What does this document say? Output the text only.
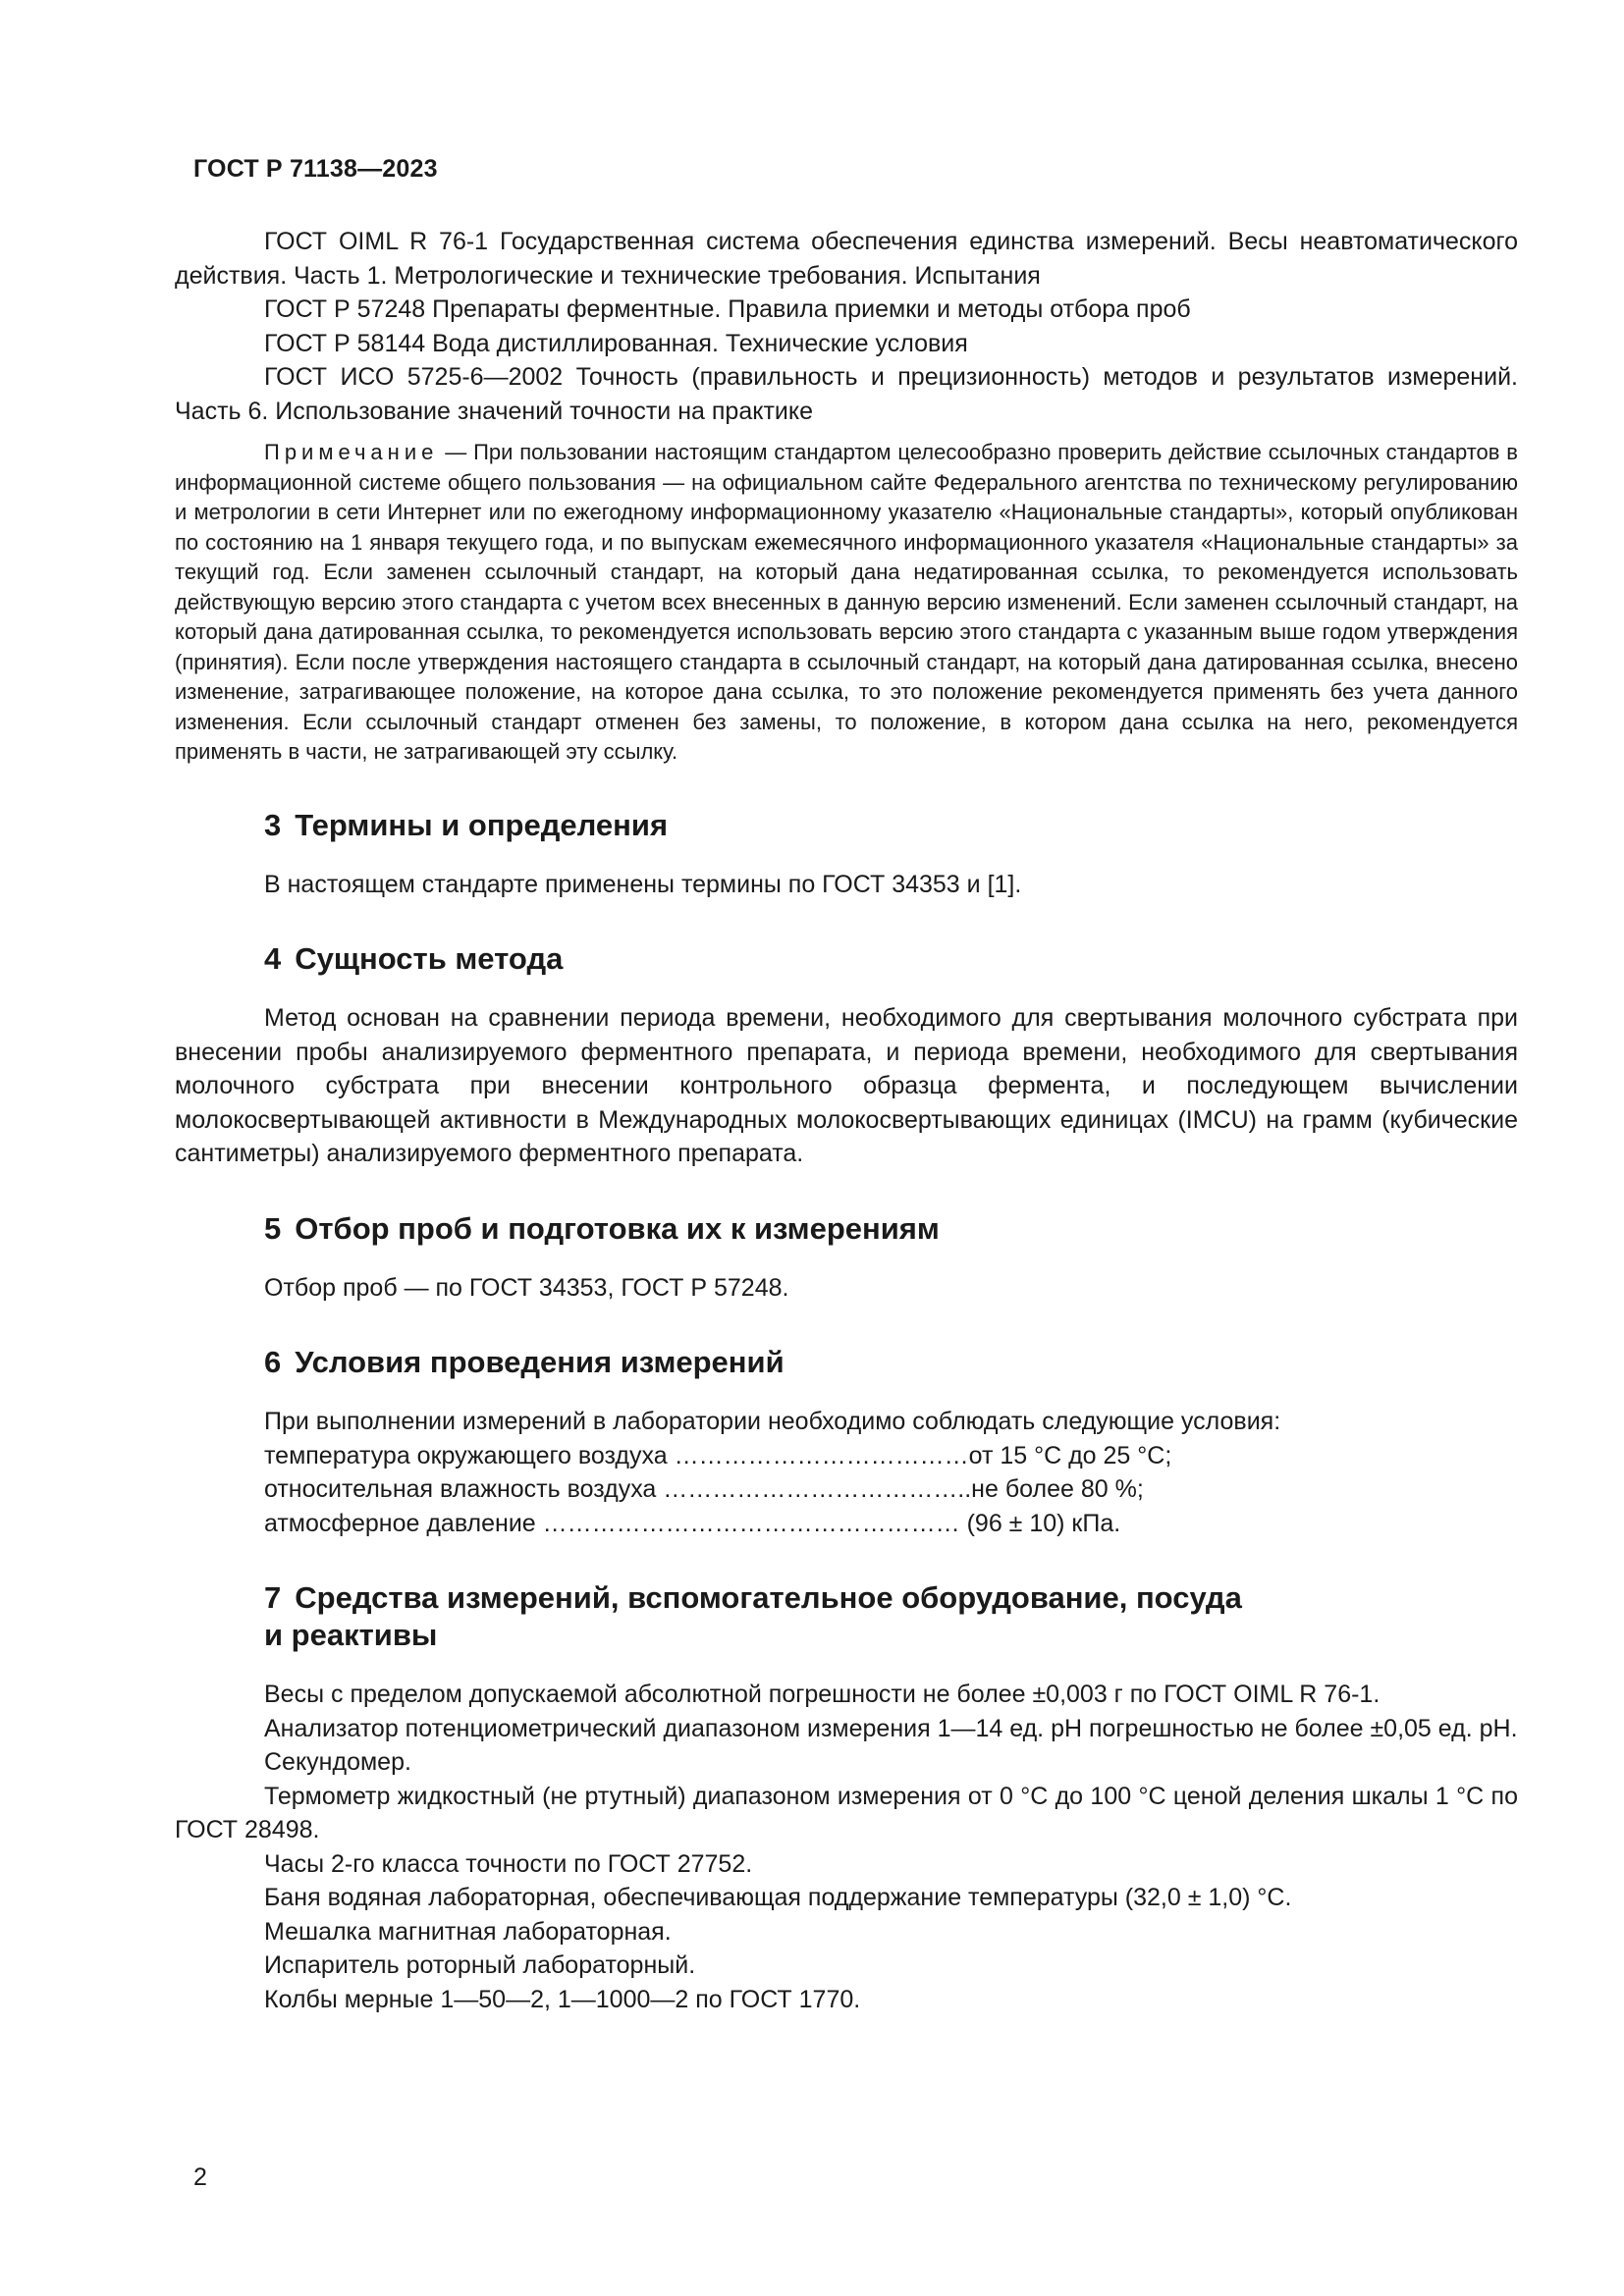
ГОСТ Р 71138—2023

ГОСТ OIML R 76-1 Государственная система обеспечения единства измерений. Весы неавтоматического действия. Часть 1. Метрологические и технические требования. Испытания

ГОСТ Р 57248 Препараты ферментные. Правила приемки и методы отбора проб

ГОСТ Р 58144 Вода дистиллированная. Технические условия

ГОСТ ИСО 5725-6—2002 Точность (правильность и прецизионность) методов и результатов измерений. Часть 6. Использование значений точности на практике

Примечание — При пользовании настоящим стандартом целесообразно проверить действие ссылочных стандартов в информационной системе общего пользования — на официальном сайте Федерального агентства по техническому регулированию и метрологии в сети Интернет или по ежегодному информационному указателю «Национальные стандарты», который опубликован по состоянию на 1 января текущего года, и по выпускам ежемесячного информационного указателя «Национальные стандарты» за текущий год. Если заменен ссылочный стандарт, на который дана недатированная ссылка, то рекомендуется использовать действующую версию этого стандарта с учетом всех внесенных в данную версию изменений. Если заменен ссылочный стандарт, на который дана датированная ссылка, то рекомендуется использовать версию этого стандарта с указанным выше годом утверждения (принятия). Если после утверждения настоящего стандарта в ссылочный стандарт, на который дана датированная ссылка, внесено изменение, затрагивающее положение, на которое дана ссылка, то это положение рекомендуется применять без учета данного изменения. Если ссылочный стандарт отменен без замены, то положение, в котором дана ссылка на него, рекомендуется применять в части, не затрагивающей эту ссылку.

3 Термины и определения

В настоящем стандарте применены термины по ГОСТ 34353 и [1].

4 Сущность метода

Метод основан на сравнении периода времени, необходимого для свертывания молочного субстрата при внесении пробы анализируемого ферментного препарата, и периода времени, необходимого для свертывания молочного субстрата при внесении контрольного образца фермента, и последующем вычислении молокосвертывающей активности в Международных молокосвертывающих единицах (IMCU) на грамм (кубические сантиметры) анализируемого ферментного препарата.

5 Отбор проб и подготовка их к измерениям

Отбор проб — по ГОСТ 34353, ГОСТ Р 57248.

6 Условия проведения измерений

При выполнении измерений в лаборатории необходимо соблюдать следующие условия:

температура окружающего воздуха ………………………………от 15 °С до 25 °С;
относительная влажность воздуха ………………………………..не более 80 %;
атмосферное давление …………………………………………… (96 ± 10) кПа.
7 Средства измерений, вспомогательное оборудование, посуда
и реактивы

Весы с пределом допускаемой абсолютной погрешности не более ±0,003 г по ГОСТ OIML R 76-1.

Анализатор потенциометрический диапазоном измерения 1—14 ед. рН погрешностью не более ±0,05 ед. рН.

Секундомер.

Термометр жидкостный (не ртутный) диапазоном измерения от 0 °С до 100 °С ценой деления шкалы 1 °С по ГОСТ 28498.

Часы 2-го класса точности по ГОСТ 27752.

Баня водяная лабораторная, обеспечивающая поддержание температуры (32,0 ± 1,0) °С.

Мешалка магнитная лабораторная.

Испаритель роторный лабораторный.

Колбы мерные 1—50—2, 1—1000—2 по ГОСТ 1770.

2
